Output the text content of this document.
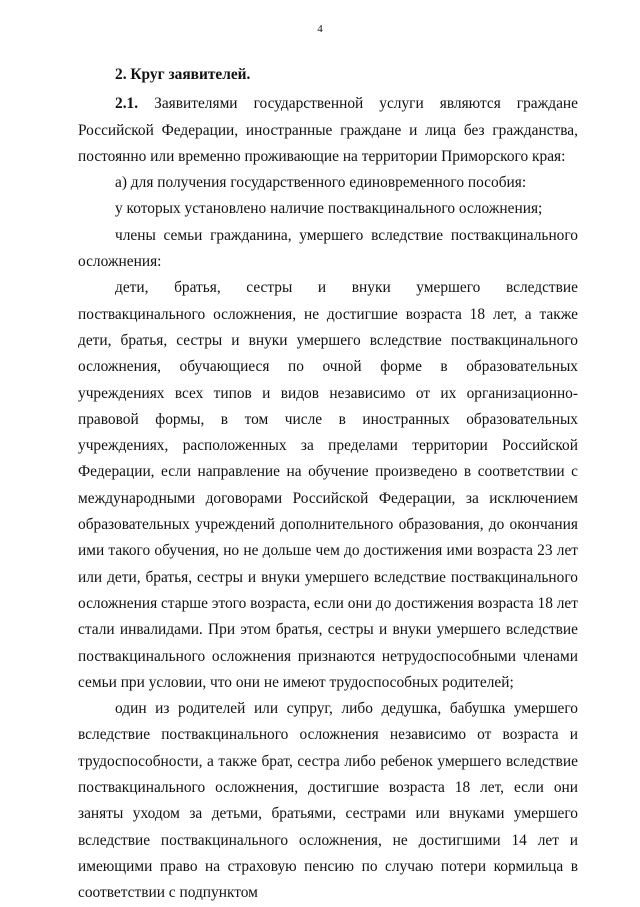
4

2. Круг заявителей.

2.1. Заявителями государственной услуги являются граждане Российской Федерации, иностранные граждане и лица без гражданства, постоянно или временно проживающие на территории Приморского края:

а) для получения государственного единовременного пособия:

у которых установлено наличие поствакцинального осложнения;

члены семьи гражданина, умершего вследствие поствакцинального осложнения:

дети, братья, сестры и внуки умершего вследствие поствакцинального осложнения, не достигшие возраста 18 лет, а также дети, братья, сестры и внуки умершего вследствие поствакцинального осложнения, обучающиеся по очной форме в образовательных учреждениях всех типов и видов независимо от их организационно-правовой формы, в том числе в иностранных образовательных учреждениях, расположенных за пределами территории Российской Федерации, если направление на обучение произведено в соответствии с международными договорами Российской Федерации, за исключением образовательных учреждений дополнительного образования, до окончания ими такого обучения, но не дольше чем до достижения ими возраста 23 лет или дети, братья, сестры и внуки умершего вследствие поствакцинального осложнения старше этого возраста, если они до достижения возраста 18 лет стали инвалидами. При этом братья, сестры и внуки умершего вследствие поствакцинального осложнения признаются нетрудоспособными членами семьи при условии, что они не имеют трудоспособных родителей;

один из родителей или супруг, либо дедушка, бабушка умершего вследствие поствакцинального осложнения независимо от возраста и трудоспособности, а также брат, сестра либо ребенок умершего вследствие поствакцинального осложнения, достигшие возраста 18 лет, если они заняты уходом за детьми, братьями, сестрами или внуками умершего вследствие поствакцинального осложнения, не достигшими 14 лет и имеющими право на страховую пенсию по случаю потери кормильца в соответствии с подпунктом
